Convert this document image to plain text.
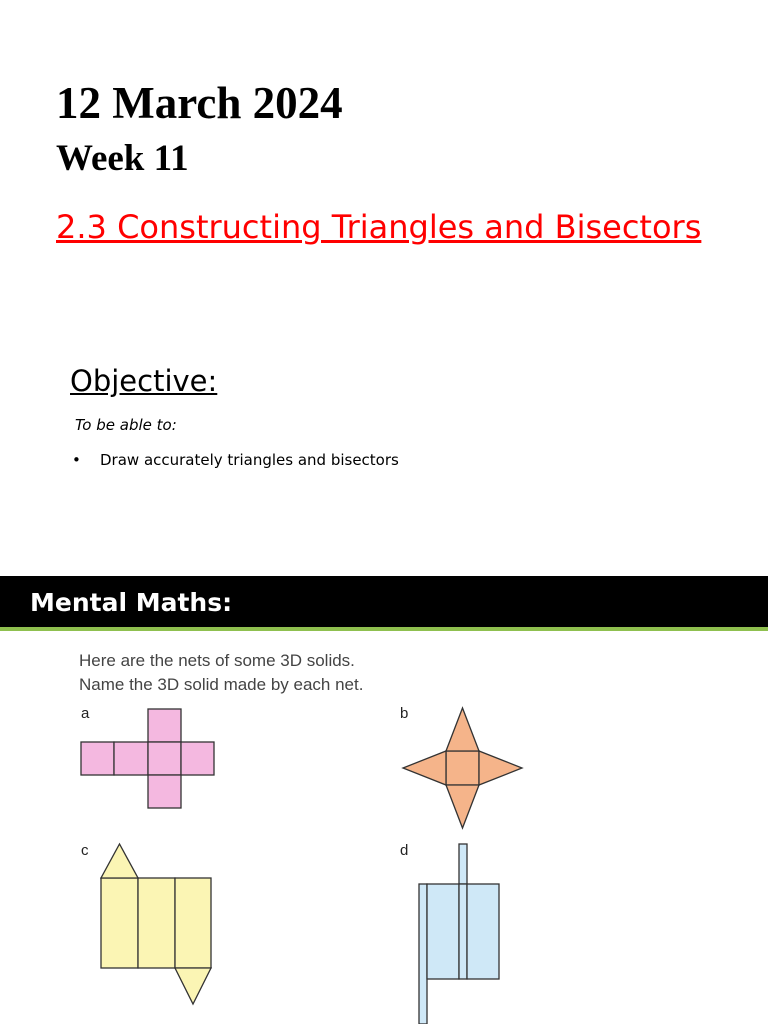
12 March 2024
Week 11
2.3 Constructing Triangles and Bisectors
Objective:
To be able to:
• Draw accurately triangles and bisectors
Mental Maths:
Here are the nets of some 3D solids.
Name the 3D solid made by each net.
a	b
c	d
